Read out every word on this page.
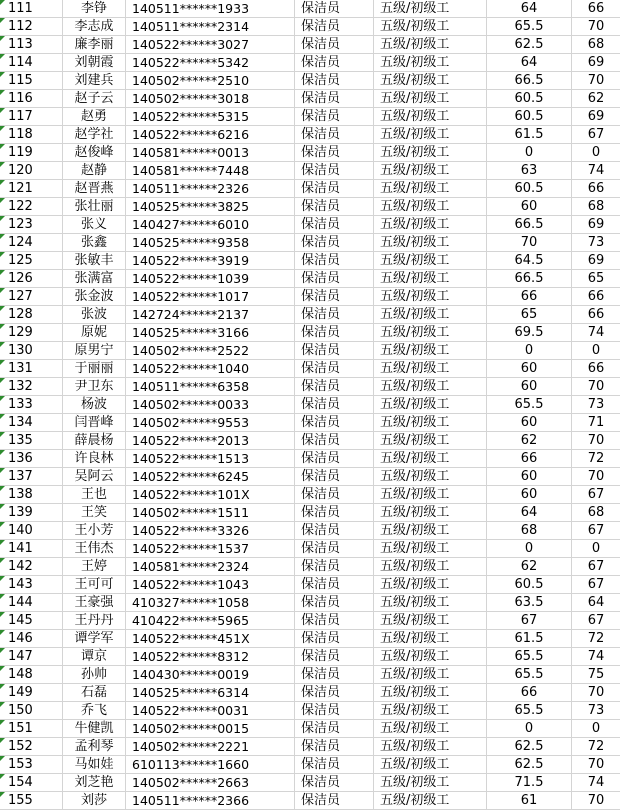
111	李铮	140511******1933	保洁员	五级/初级工	64	66
112	李志成	140511******2314	保洁员	五级/初级工	65.5	70
113	廉李丽	140522******3027	保洁员	五级/初级工	62.5	68
114	刘朝霞	140522******5342	保洁员	五级/初级工	64	69
115	刘建兵	140502******2510	保洁员	五级/初级工	66.5	70
116	赵子云	140502******3018	保洁员	五级/初级工	60.5	62
117	赵勇	140522******5315	保洁员	五级/初级工	60.5	69
118	赵学社	140522******6216	保洁员	五级/初级工	61.5	67
119	赵俊峰	140581******0013	保洁员	五级/初级工	0	0
120	赵静	140581******7448	保洁员	五级/初级工	63	74
121	赵晋燕	140511******2326	保洁员	五级/初级工	60.5	66
122	张壮丽	140525******3825	保洁员	五级/初级工	60	68
123	张义	140427******6010	保洁员	五级/初级工	66.5	69
124	张鑫	140525******9358	保洁员	五级/初级工	70	73
125	张敏丰	140522******3919	保洁员	五级/初级工	64.5	69
126	张满富	140522******1039	保洁员	五级/初级工	66.5	65
127	张金波	140522******1017	保洁员	五级/初级工	66	66
128	张波	142724******2137	保洁员	五级/初级工	65	66
129	原妮	140525******3166	保洁员	五级/初级工	69.5	74
130	原男宁	140502******2522	保洁员	五级/初级工	0	0
131	于丽丽	140522******1040	保洁员	五级/初级工	60	66
132	尹卫东	140511******6358	保洁员	五级/初级工	60	70
133	杨波	140502******0033	保洁员	五级/初级工	65.5	73
134	闫晋峰	140502******9553	保洁员	五级/初级工	60	71
135	薛晨杨	140522******2013	保洁员	五级/初级工	62	70
136	许良林	140522******1513	保洁员	五级/初级工	66	72
137	吴阿云	140522******6245	保洁员	五级/初级工	60	70
138	王也	140522******101X	保洁员	五级/初级工	60	67
139	王笑	140502******1511	保洁员	五级/初级工	64	68
140	王小芳	140522******3326	保洁员	五级/初级工	68	67
141	王伟杰	140522******1537	保洁员	五级/初级工	0	0
142	王婷	140581******2324	保洁员	五级/初级工	62	67
143	王可可	140522******1043	保洁员	五级/初级工	60.5	67
144	王豪强	410327******1058	保洁员	五级/初级工	63.5	64
145	王丹丹	410422******5965	保洁员	五级/初级工	67	67
146	谭学军	140522******451X	保洁员	五级/初级工	61.5	72
147	谭京	140522******8312	保洁员	五级/初级工	65.5	74
148	孙帅	140430******0019	保洁员	五级/初级工	65.5	75
149	石磊	140525******6314	保洁员	五级/初级工	66	70
150	乔飞	140522******0031	保洁员	五级/初级工	65.5	73
151	牛健凯	140502******0015	保洁员	五级/初级工	0	0
152	孟利琴	140502******2221	保洁员	五级/初级工	62.5	72
153	马如娃	610113******1660	保洁员	五级/初级工	62.5	70
154	刘芝艳	140502******2663	保洁员	五级/初级工	71.5	74
155	刘莎	140511******2366	保洁员	五级/初级工	61	70
